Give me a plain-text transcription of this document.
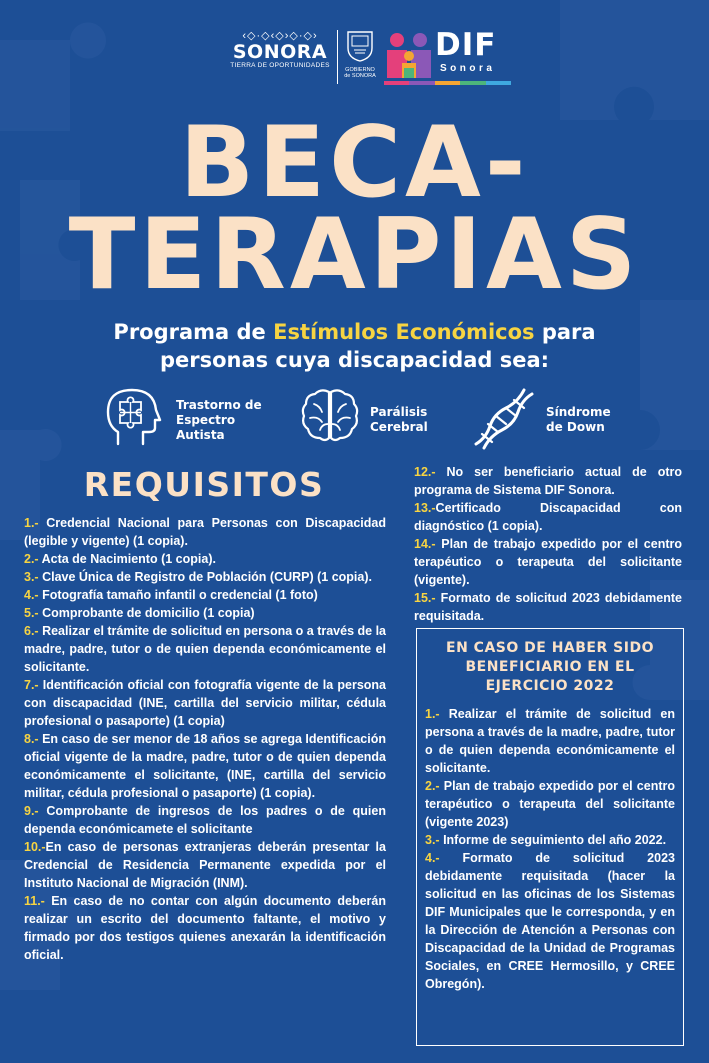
‹◇·◇‹◇›◇·◇›
SONORA
TIERRA DE OPORTUNIDADES
GOBIERNO
de SONORA
DIF
Sonora
BECA-
TERAPIAS
Programa de Estímulos Económicos para
personas cuya discapacidad sea:
Trastorno de
Espectro
Autista
Parálisis
Cerebral
Síndrome
de Down
REQUISITOS

1.- Credencial Nacional para Personas con Discapacidad (legible y vigente) (1 copia).

2.- Acta de Nacimiento (1 copia).

3.- Clave Única de Registro de Población (CURP) (1 copia).

4.- Fotografía tamaño infantil o credencial (1 foto)

5.- Comprobante de domicilio (1 copia)

6.- Realizar el trámite de solicitud en persona o a través de la madre, padre, tutor o de quien dependa económicamente el solicitante.

7.- Identificación oficial con fotografía vigente de la persona con discapacidad (INE, cartilla del servicio militar, cédula profesional o pasaporte) (1 copia)

8.- En caso de ser menor de 18 años se agrega Identificación oficial vigente de la madre, padre, tutor o de quien dependa económicamente el solicitante, (INE, cartilla del servicio militar, cédula profesional o pasaporte) (1 copia).

9.- Comprobante de ingresos de los padres o de quien dependa económicamete el solicitante

10.-En caso de personas extranjeras deberán presentar la Credencial de Residencia Permanente expedida por el Instituto Nacional de Migración (INM).

11.- En caso de no contar con algún documento deberán realizar un escrito del documento faltante, el motivo y firmado por dos testigos quienes anexarán la identificación oficial.

12.- No ser beneficiario actual de otro programa de Sistema DIF Sonora.

13.-Certificado Discapacidad con diagnóstico (1 copia).

14.- Plan de trabajo expedido por el centro terapéutico o terapeuta del solicitante (vigente).

15.- Formato de solicitud 2023 debidamente requisitada.

EN CASO DE HABER SIDO
BENEFICIARIO EN EL
EJERCICIO 2022

1.- Realizar el trámite de solicitud en persona a través de la madre, padre, tutor o de quien dependa económicamente el solicitante.

2.- Plan de trabajo expedido por el centro terapéutico o terapeuta del solicitante (vigente 2023)

3.- Informe de seguimiento del año 2022.

4.- Formato de solicitud 2023 debidamente requisitada (hacer la solicitud en las oficinas de los Sistemas DIF Municipales que le corresponda, y en la Dirección de Atención a Personas con Discapacidad de la Unidad de Programas Sociales, en CREE Hermosillo, y CREE Obregón).
